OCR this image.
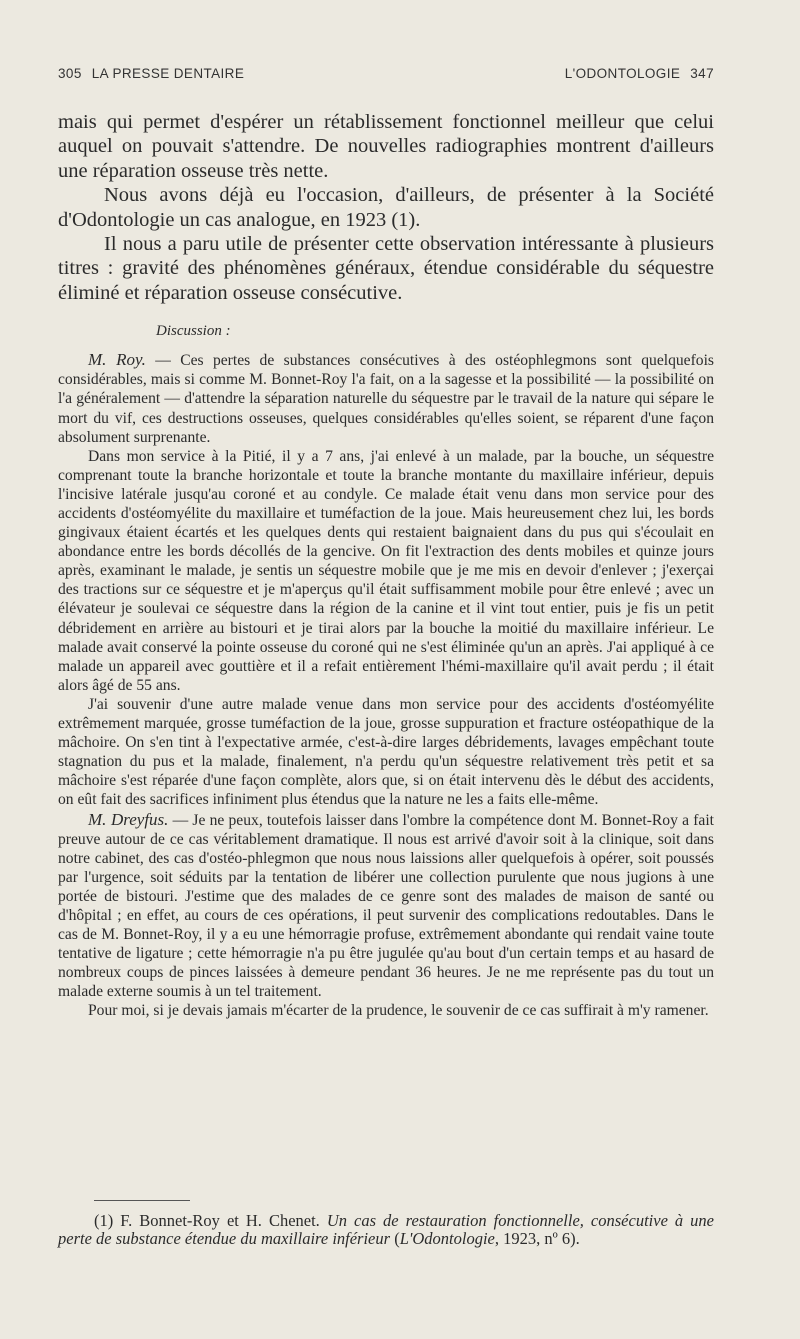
305 LA PRESSE DENTAIRE	L'ODONTOLOGIE 347

mais qui permet d'espérer un rétablissement fonctionnel meilleur que celui auquel on pouvait s'attendre. De nouvelles radiographies montrent d'ailleurs une réparation osseuse très nette.

Nous avons déjà eu l'occasion, d'ailleurs, de présenter à la Société d'Odontologie un cas analogue, en 1923 (1).

Il nous a paru utile de présenter cette observation intéressante à plusieurs titres : gravité des phénomènes généraux, étendue considérable du séquestre éliminé et réparation osseuse consécutive.

Discussion :

M. Roy. — Ces pertes de substances consécutives à des ostéophlegmons sont quelquefois considérables, mais si comme M. Bonnet-Roy l'a fait, on a la sagesse et la possibilité — la possibilité on l'a généralement — d'attendre la séparation naturelle du séquestre par le travail de la nature qui sépare le mort du vif, ces destructions osseuses, quelques considérables qu'elles soient, se réparent d'une façon absolument surprenante.

Dans mon service à la Pitié, il y a 7 ans, j'ai enlevé à un malade, par la bouche, un séquestre comprenant toute la branche horizontale et toute la branche montante du maxillaire inférieur, depuis l'incisive latérale jusqu'au coroné et au condyle. Ce malade était venu dans mon service pour des accidents d'ostéomyélite du maxillaire et tuméfaction de la joue. Mais heureusement chez lui, les bords gingivaux étaient écartés et les quelques dents qui restaient baignaient dans du pus qui s'écoulait en abondance entre les bords décollés de la gencive. On fit l'extraction des dents mobiles et quinze jours après, examinant le malade, je sentis un séquestre mobile que je me mis en devoir d'enlever ; j'exerçai des tractions sur ce séquestre et je m'aperçus qu'il était suffisamment mobile pour être enlevé ; avec un élévateur je soulevai ce séquestre dans la région de la canine et il vint tout entier, puis je fis un petit débridement en arrière au bistouri et je tirai alors par la bouche la moitié du maxillaire inférieur. Le malade avait conservé la pointe osseuse du coroné qui ne s'est éliminée qu'un an après. J'ai appliqué à ce malade un appareil avec gouttière et il a refait entièrement l'hémi-maxillaire qu'il avait perdu ; il était alors âgé de 55 ans.

J'ai souvenir d'une autre malade venue dans mon service pour des accidents d'ostéomyélite extrêmement marquée, grosse tuméfaction de la joue, grosse suppuration et fracture ostéopathique de la mâchoire. On s'en tint à l'expectative armée, c'est-à-dire larges débridements, lavages empêchant toute stagnation du pus et la malade, finalement, n'a perdu qu'un séquestre relativement très petit et sa mâchoire s'est réparée d'une façon complète, alors que, si on était intervenu dès le début des accidents, on eût fait des sacrifices infiniment plus étendus que la nature ne les a faits elle-même.

M. Dreyfus. — Je ne peux, toutefois laisser dans l'ombre la compétence dont M. Bonnet-Roy a fait preuve autour de ce cas véritablement dramatique. Il nous est arrivé d'avoir soit à la clinique, soit dans notre cabinet, des cas d'ostéo-phlegmon que nous nous laissions aller quelquefois à opérer, soit poussés par l'urgence, soit séduits par la tentation de libérer une collection purulente que nous jugions à une portée de bistouri. J'estime que des malades de ce genre sont des malades de maison de santé ou d'hôpital ; en effet, au cours de ces opérations, il peut survenir des complications redoutables. Dans le cas de M. Bonnet-Roy, il y a eu une hémorragie profuse, extrêmement abondante qui rendait vaine toute tentative de ligature ; cette hémorragie n'a pu être jugulée qu'au bout d'un certain temps et au hasard de nombreux coups de pinces laissées à demeure pendant 36 heures. Je ne me représente pas du tout un malade externe soumis à un tel traitement.

Pour moi, si je devais jamais m'écarter de la prudence, le souvenir de ce cas suffirait à m'y ramener.

(1) F. Bonnet-Roy et H. Chenet. Un cas de restauration fonctionnelle, consécutive à une perte de substance étendue du maxillaire inférieur (L'Odontologie, 1923, nº 6).
